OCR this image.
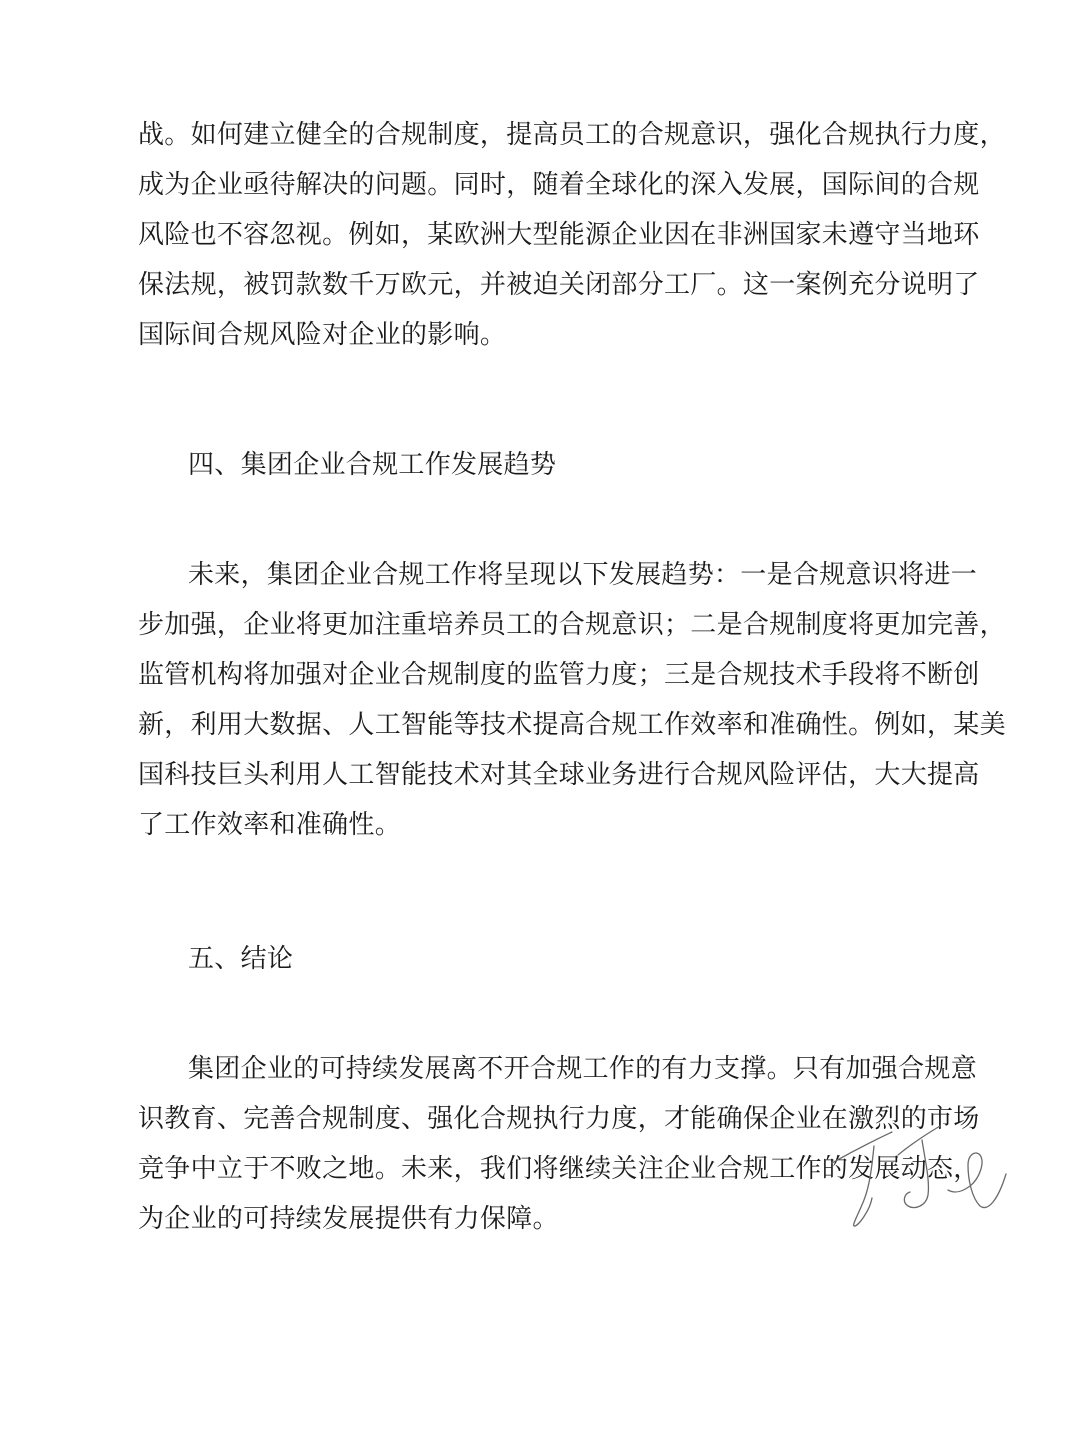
战。如何建立健全的合规制度，提高员工的合规意识，强化合规执行力度，
成为企业亟待解决的问题。同时，随着全球化的深入发展，国际间的合规
风险也不容忽视。例如，某欧洲大型能源企业因在非洲国家未遵守当地环
保法规，被罚款数千万欧元，并被迫关闭部分工厂。这一案例充分说明了
国际间合规风险对企业的影响。

四、集团企业合规工作发展趋势

未来，集团企业合规工作将呈现以下发展趋势：一是合规意识将进一
步加强，企业将更加注重培养员工的合规意识；二是合规制度将更加完善，
监管机构将加强对企业合规制度的监管力度；三是合规技术手段将不断创
新，利用大数据、人工智能等技术提高合规工作效率和准确性。例如，某美
国科技巨头利用人工智能技术对其全球业务进行合规风险评估，大大提高
了工作效率和准确性。

五、结论

集团企业的可持续发展离不开合规工作的有力支撑。只有加强合规意
识教育、完善合规制度、强化合规执行力度，才能确保企业在激烈的市场
竞争中立于不败之地。未来，我们将继续关注企业合规工作的发展动态，
为企业的可持续发展提供有力保障。
